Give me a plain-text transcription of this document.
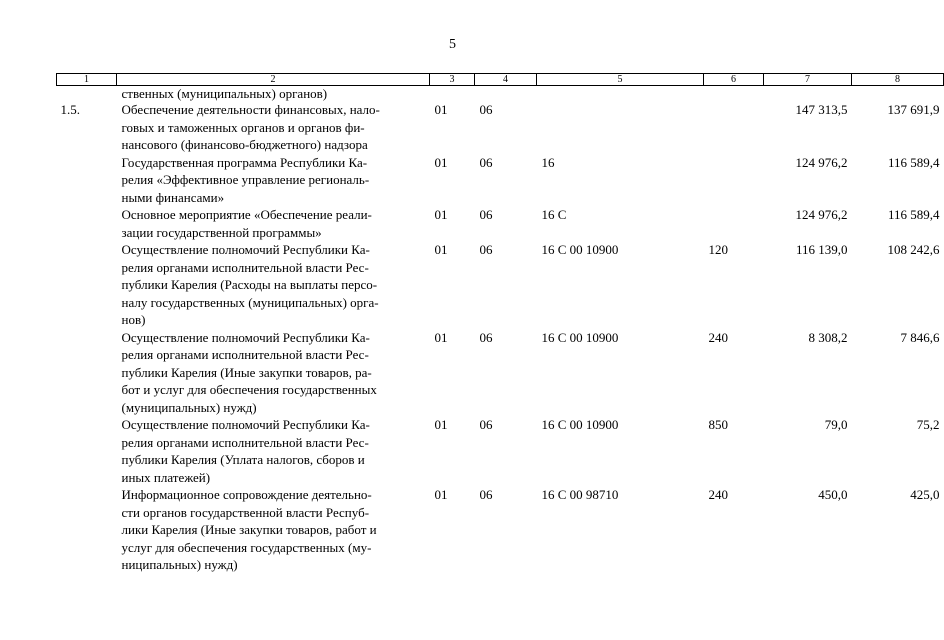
5
1	2	3	4	5	6	7	8
	ственных (муниципальных) органов)						
1.5.	Обеспечение деятельности финансовых, нало-
говых и таможенных органов и органов фи-
нансового (финансово-бюджетного) надзора	01	06			147 313,5	137 691,9

	Государственная программа Республики Ка-
релия «Эффективное управление региональ-
ными финансами»	01	06	16		124 976,2	116 589,4

	Основное мероприятие «Обеспечение реали-
зации государственной программы»	01	06	16 С		124 976,2	116 589,4

	Осуществление полномочий Республики Ка-
релия органами исполнительной власти Рес-
публики Карелия (Расходы на выплаты персо-
налу государственных (муниципальных) орга-
нов)	01	06	16 С 00 10900	120	116 139,0	108 242,6

	Осуществление полномочий Республики Ка-
релия органами исполнительной власти Рес-
публики Карелия (Иные закупки товаров, ра-
бот и услуг для обеспечения государственных
(муниципальных) нужд)	01	06	16 С 00 10900	240	8 308,2	7 846,6

	Осуществление полномочий Республики Ка-
релия органами исполнительной власти Рес-
публики Карелия (Уплата налогов, сборов и
иных платежей)	01	06	16 С 00 10900	850	79,0	75,2

	Информационное сопровождение деятельно-
сти органов государственной власти Респуб-
лики Карелия (Иные закупки товаров, работ и
услуг для обеспечения государственных (му-
ниципальных) нужд)	01	06	16 С 00 98710	240	450,0	425,0
